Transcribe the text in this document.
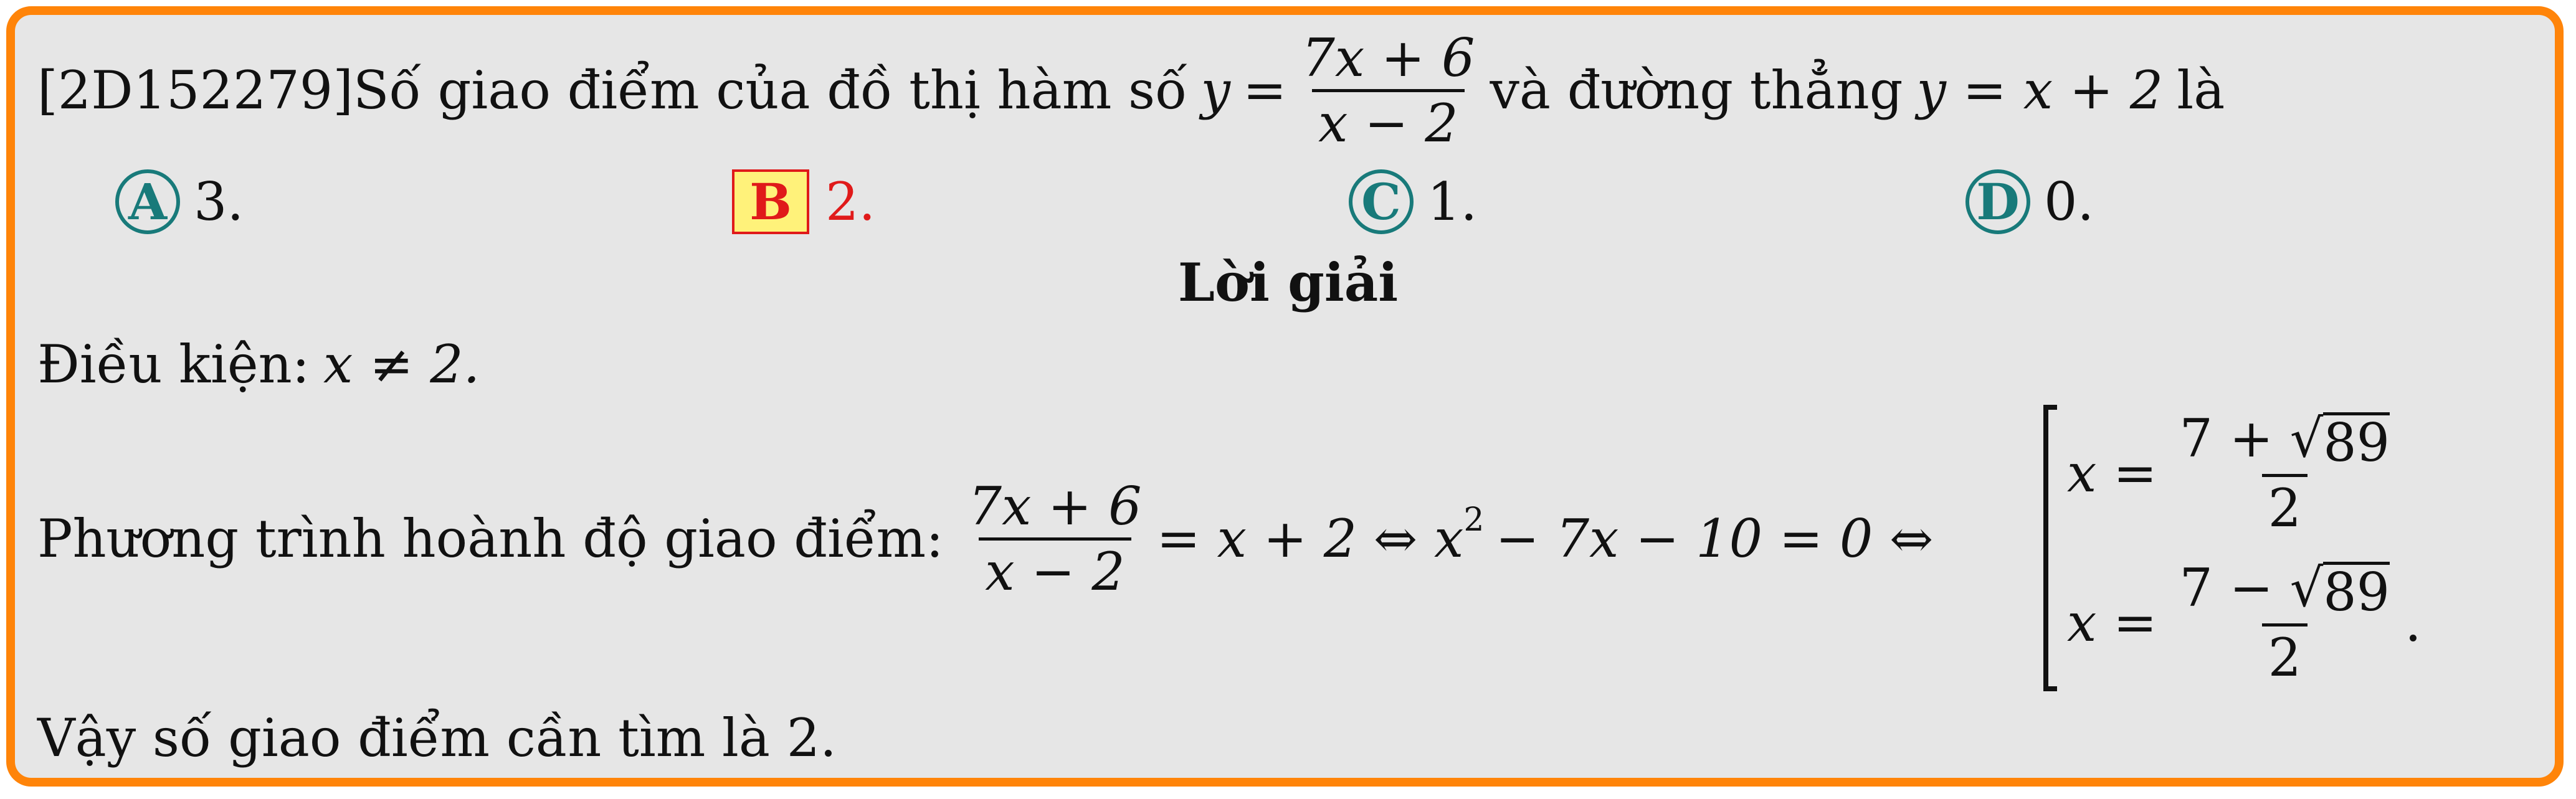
[2D152279] Số giao điểm của đồ thị hàm số $y = \frac{7x + 6}{x - 2}$ và đường thẳng y = x + 2 là
A 3.	B 2.	C 1.	D 0.
Lời giải
Điều kiện: x ≠ 2.
Phương trình hoành độ giao điểm: $\frac{7x + 6}{x - 2} = x + 2$ ⇔ $x^2 - 7x - 10 = 0$ ⇔
$x = \frac{7 + √ 89}{2}$
$x = \frac{7 - √ 89}{2}$ .
Vậy số giao điểm cần tìm là 2.
